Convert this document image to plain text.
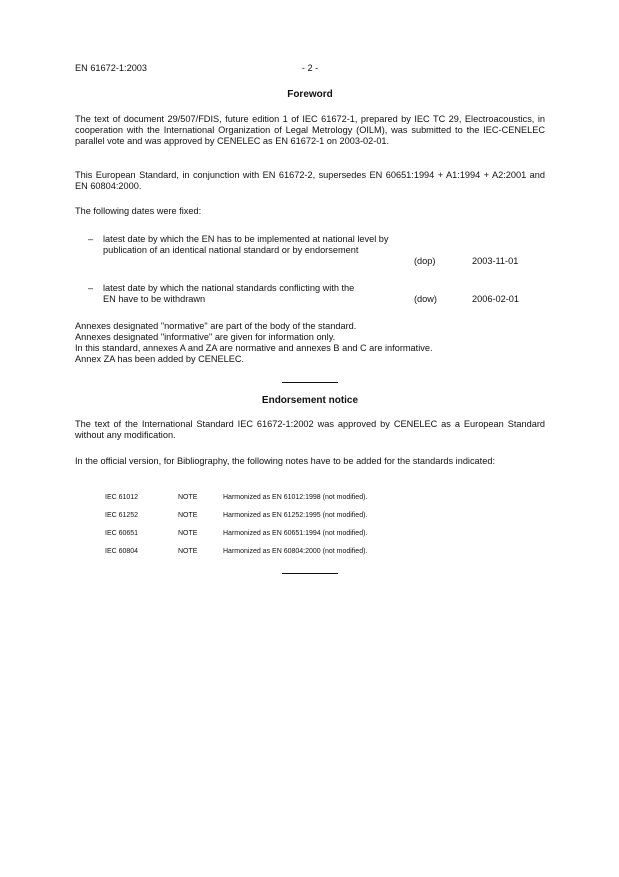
EN 61672-1:2003	- 2 -
Foreword
The text of document 29/507/FDIS, future edition 1 of IEC 61672-1, prepared by IEC TC 29, Electroacoustics, in cooperation with the International Organization of Legal Metrology (OILM), was submitted to the IEC-CENELEC parallel vote and was approved by CENELEC as EN 61672-1 on 2003-02-01.
This European Standard, in conjunction with EN 61672-2, supersedes EN 60651:1994 + A1:1994 + A2:2001 and EN 60804:2000.
The following dates were fixed:
– latest date by which the EN has to be implemented at national level by publication of an identical national standard or by endorsement
(dop)	2003-11-01
– latest date by which the national standards conflicting with the EN have to be withdrawn	(dow)	2006-02-01
Annexes designated "normative" are part of the body of the standard.
Annexes designated "informative" are given for information only.
In this standard, annexes A and ZA are normative and annexes B and C are informative.
Annex ZA has been added by CENELEC.
Endorsement notice
The text of the International Standard IEC 61672-1:2002 was approved by CENELEC as a European Standard without any modification.
In the official version, for Bibliography, the following notes have to be added for the standards indicated:
IEC 61012	NOTE	Harmonized as EN 61012:1998 (not modified).
IEC 61252	NOTE	Harmonized as EN 61252:1995 (not modified).
IEC 60651	NOTE	Harmonized as EN 60651:1994 (not modified).
IEC 60804	NOTE	Harmonized as EN 60804:2000 (not modified).
